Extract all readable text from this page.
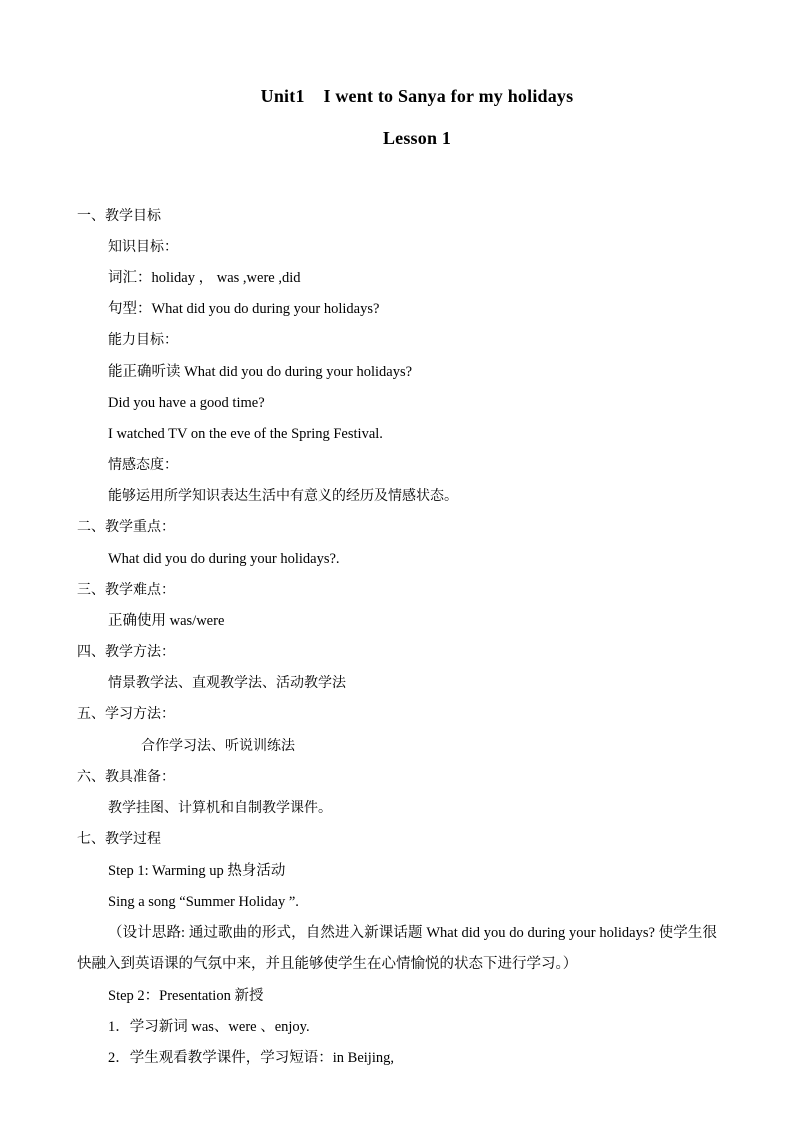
Unit1    I went to Sanya for my holidays
Lesson 1
一、教学目标
知识目标：
词汇：holiday ， was ,were ,did
句型：What did you do during your holidays?
能力目标：
能正确听读 What did you do during your holidays?
Did you have a good time?
I watched TV on the eve of the Spring Festival.
情感态度：
能够运用所学知识表达生活中有意义的经历及情感状态。
二、教学重点：
What did you do during your holidays?.
三、教学难点：
正确使用 was/were
四、教学方法：
情景教学法、直观教学法、活动教学法
五、学习方法：
合作学习法、听说训练法
六、教具准备：
教学挂图、计算机和自制教学课件。
七、教学过程
Step 1: Warming up 热身活动
Sing a song “Summer Holiday ”.
（设计思路: 通过歌曲的形式，自然进入新课话题 What did you do during your holidays? 使学生很快融入到英语课的气氛中来，并且能够使学生在心情愉悦的状态下进行学习。）
Step 2：Presentation 新授
1．学习新词 was、were 、enjoy.
2．学生观看教学课件，学习短语：in Beijing,
